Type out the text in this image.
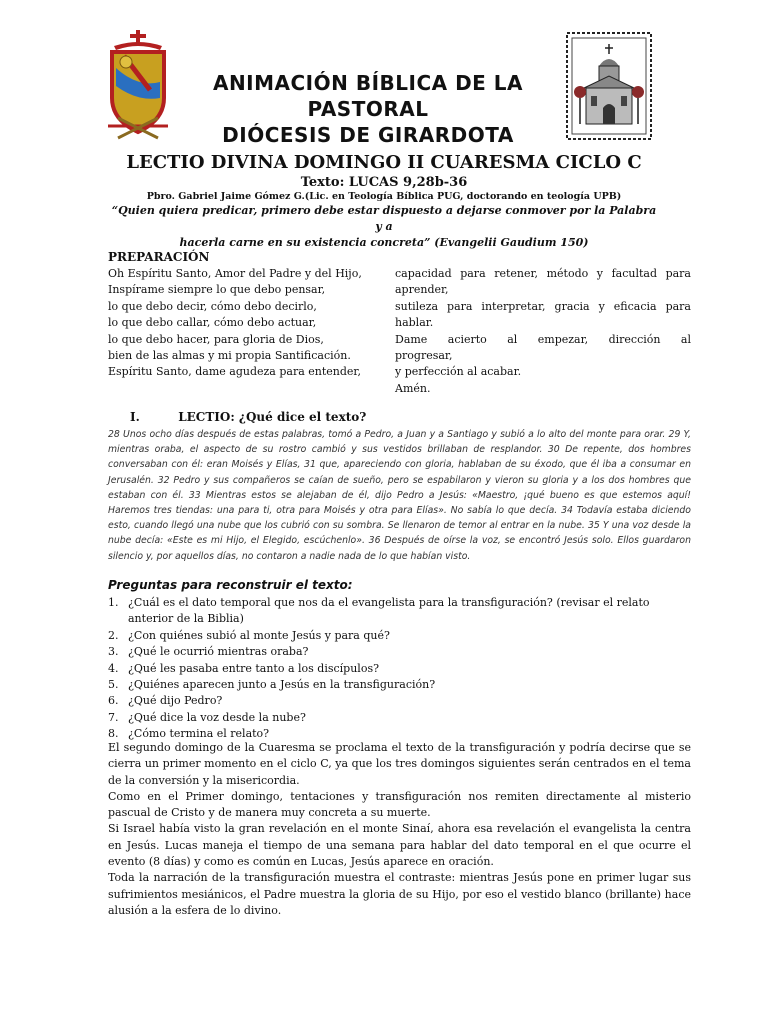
ANIMACIÓN BÍBLICA DE LA PASTORAL
DIÓCESIS DE GIRARDOTA
LECTIO DIVINA DOMINGO II CUARESMA CICLO C
Texto: LUCAS 9,28b-36
Pbro. Gabriel Jaime Gómez G.(Lic. en Teología Bíblica PUG, doctorando en teología UPB)
“Quien quiera predicar, primero debe estar dispuesto a dejarse conmover por la Palabra y a
hacerla carne en su existencia concreta” (Evangelii Gaudium 150)
PREPARACIÓN
Oh Espíritu Santo, Amor del Padre y del Hijo,
Inspírame siempre lo que debo pensar,
lo que debo decir, cómo debo decirlo,
lo que debo callar, cómo debo actuar,
lo que debo hacer, para gloria de Dios,
bien de las almas y mi propia Santificación.
Espíritu Santo, dame agudeza para entender,
capacidad para retener, método y facultad para
aprender,
sutileza para interpretar, gracia y eficacia para
hablar.
Dame acierto al empezar, dirección al
progresar,
y perfección al acabar.
Amén.
I.	LECTIO: ¿Qué dice el texto?
28 Unos ocho días después de estas palabras, tomó a Pedro, a Juan y a Santiago y subió a lo alto del monte para orar. 29 Y, mientras oraba, el aspecto de su rostro cambió y sus vestidos brillaban de resplandor. 30 De repente, dos hombres conversaban con él: eran Moisés y Elías, 31 que, apareciendo con gloria, hablaban de su éxodo, que él iba a consumar en Jerusalén. 32 Pedro y sus compañeros se caían de sueño, pero se espabilaron y vieron su gloria y a los dos hombres que estaban con él. 33 Mientras estos se alejaban de él, dijo Pedro a Jesús: «Maestro, ¡qué bueno es que estemos aquí! Haremos tres tiendas: una para ti, otra para Moisés y otra para Elías». No sabía lo que decía. 34 Todavía estaba diciendo esto, cuando llegó una nube que los cubrió con su sombra. Se llenaron de temor al entrar en la nube. 35 Y una voz desde la nube decía: «Este es mi Hijo, el Elegido, escúchenlo». 36 Después de oírse la voz, se encontró Jesús solo. Ellos guardaron silencio y, por aquellos días, no contaron a nadie nada de lo que habían visto.
Preguntas para reconstruir el texto:
1. ¿Cuál es el dato temporal que nos da el evangelista para la transfiguración? (revisar el relato anterior de la Biblia)
2. ¿Con quiénes subió al monte Jesús y para qué?
3. ¿Qué le ocurrió mientras oraba?
4. ¿Qué les pasaba entre tanto a los discípulos?
5. ¿Quiénes aparecen junto a Jesús en la transfiguración?
6. ¿Qué dijo Pedro?
7. ¿Qué dice la voz desde la nube?
8. ¿Cómo termina el relato?

El segundo domingo de la Cuaresma se proclama el texto de la transfiguración y podría decirse que se cierra un primer momento en el ciclo C, ya que los tres domingos siguientes serán centrados en el tema de la conversión y la misericordia.

Como en el Primer domingo, tentaciones y transfiguración nos remiten directamente al misterio pascual de Cristo y de manera muy concreta a su muerte.

Si Israel había visto la gran revelación en el monte Sinaí, ahora esa revelación el evangelista la centra en Jesús. Lucas maneja el tiempo de una semana para hablar del dato temporal en el que ocurre el evento (8 días) y como es común en Lucas, Jesús aparece en oración.

Toda la narración de la transfiguración muestra el contraste: mientras Jesús pone en primer lugar sus sufrimientos mesiánicos, el Padre muestra la gloria de su Hijo, por eso el vestido blanco (brillante) hace alusión a la esfera de lo divino.
